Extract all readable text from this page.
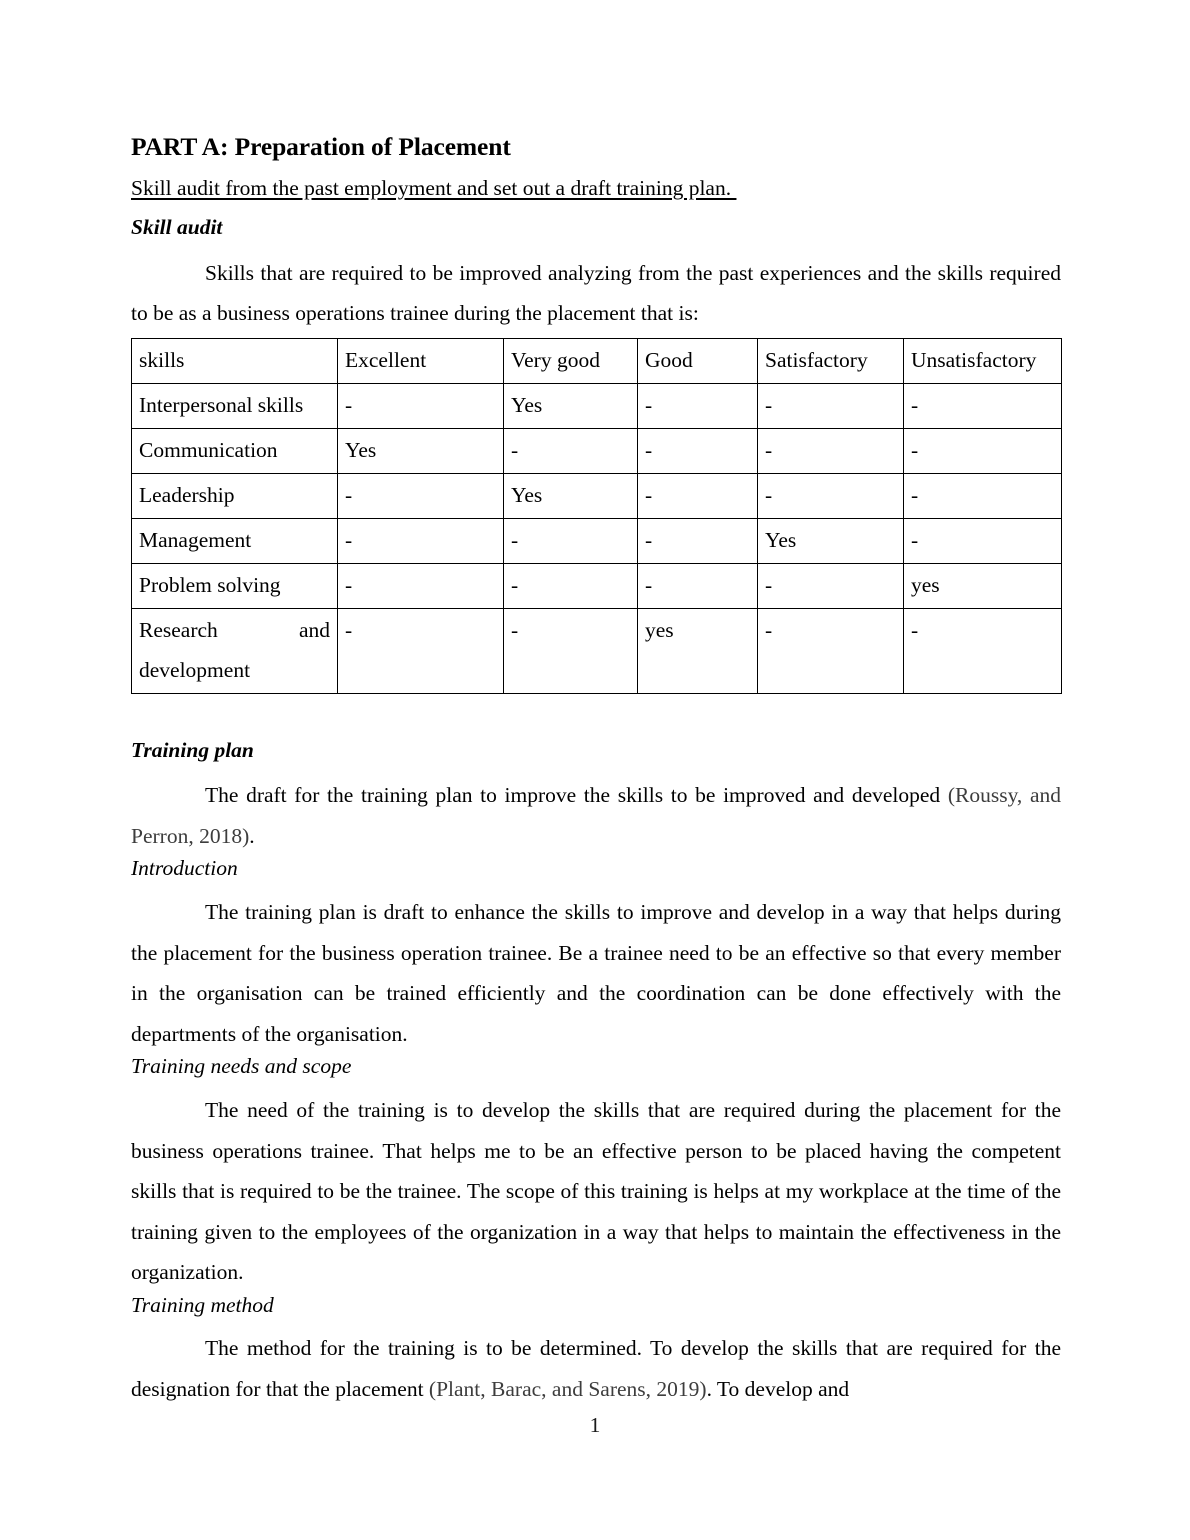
PART A: Preparation of Placement
Skill audit from the past employment and set out a draft training plan.
Skill audit

Skills that are required to be improved analyzing from the past experiences and the skills required to be as a business operations trainee during the placement that is:

skills	Excellent	Very good	Good	Satisfactory	Unsatisfactory
Interpersonal skills	-	Yes	-	-	-
Communication	Yes	-	-	-	-
Leadership	-	Yes	-	-	-
Management	-	-	-	Yes	-
Problem solving	-	-	-	-	yes
Research and development	-	-	yes	-	-
Training plan

The draft for the training plan to improve the skills to be improved and developed (Roussy, and Perron, 2018).

Introduction

The training plan is draft to enhance the skills to improve and develop in a way that helps during the placement for the business operation trainee. Be a trainee need to be an effective so that every member in the organisation can be trained efficiently and the coordination can be done effectively with the departments of the organisation.

Training needs and scope

The need of the training is to develop the skills that are required during the placement for the business operations trainee. That helps me to be an effective person to be placed having the competent skills that is required to be the trainee. The scope of this training is helps at my workplace at the time of the training given to the employees of the organization in a way that helps to maintain the effectiveness in the organization.

Training method

The method for the training is to be determined. To develop the skills that are required for the designation for that the placement (Plant, Barac, and Sarens, 2019). To develop and

1
